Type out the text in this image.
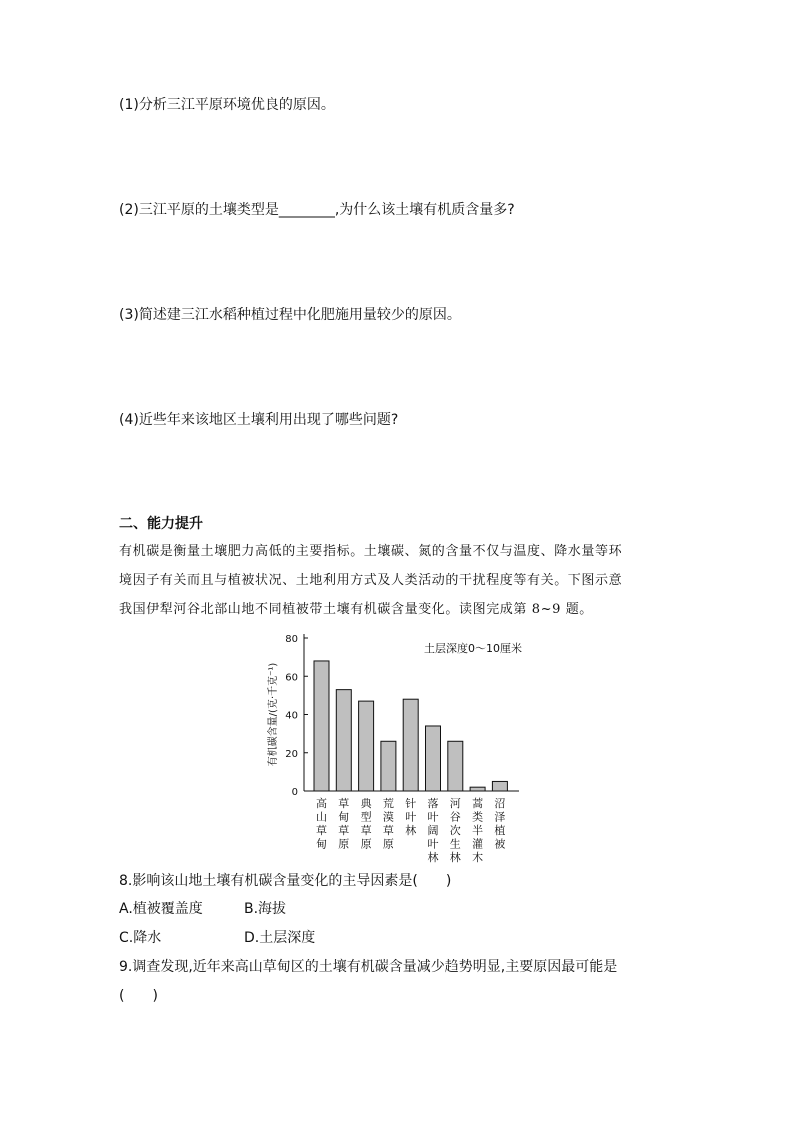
(1)分析三江平原环境优良的原因。
(2)三江平原的土壤类型是________,为什么该土壤有机质含量多?
(3)简述建三江水稻种植过程中化肥施用量较少的原因。
(4)近些年来该地区土壤利用出现了哪些问题?
二、能力提升
有机碳是衡量土壤肥力高低的主要指标。土壤碳、氮的含量不仅与温度、降水量等环
境因子有关而且与植被状况、土地利用方式及人类活动的干扰程度等有关。下图示意
我国伊犁河谷北部山地不同植被带土壤有机碳含量变化。读图完成第 8~9 题。
0
20
40
60
80
有机碳含量/(克·千克⁻¹)
土层深度0～10厘米
高山草甸
草甸草原
典型草原
荒漠草原
针叶林
落叶阔叶林
河谷次生林
蒿类半灌木
沼泽植被
8.影响该山地土壤有机碳含量变化的主导因素是(　　)
A.植被覆盖度	B.海拔
C.降水	D.土层深度
9.调查发现,近年来高山草甸区的土壤有机碳含量减少趋势明显,主要原因最可能是
(　　)
